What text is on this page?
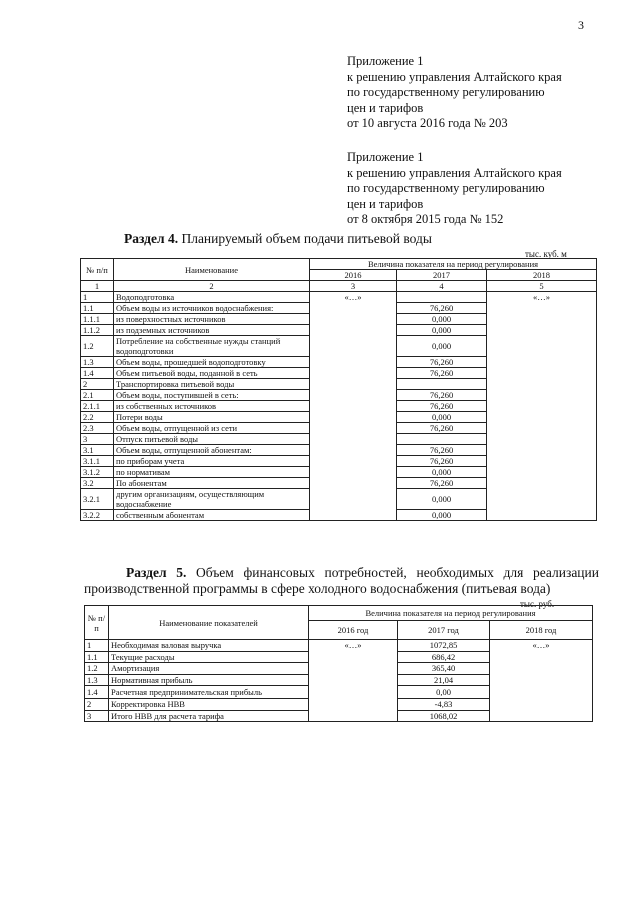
3
Приложение 1
к решению управления Алтайского края
по государственному регулированию
цен и тарифов
от 10 августа 2016 года № 203
Приложение 1
к решению управления Алтайского края
по государственному регулированию
цен и тарифов
от 8 октября 2015 года № 152
Раздел 4. Планируемый объем подачи питьевой воды
тыс. куб. м
№ п/п	Наименование	Величина показателя на период регулирования		
		2016	2017	2018
1	2	3	4	5
1	Водоподготовка	«…»		«…»
1.1	Объем воды из источников водоснабжения:		76,260	
1.1.1	из поверхностных источников		0,000	
1.1.2	из подземных источников		0,000	
1.2	Потребление на собственные нужды станций водоподготовки		0,000	
1.3	Объем воды, прошедшей водоподготовку		76,260	
1.4	Объем питьевой воды, поданной в сеть		76,260	
2	Транспортировка питьевой воды			
2.1	Объем воды, поступившей в сеть:		76,260	
2.1.1	из собственных источников		76,260	
2.2	Потери воды		0,000	
2.3	Объем воды, отпущенной из сети		76,260	
3	Отпуск питьевой воды			
3.1	Объем воды, отпущенной абонентам:		76,260	
3.1.1	по приборам учета		76,260	
3.1.2	по нормативам		0,000	
3.2	По абонентам		76,260	
3.2.1	другим организациям, осуществляющим водоснабжение		0,000	
3.2.2	собственным абонентам		0,000	
Раздел 5. Объем финансовых потребностей, необходимых для реализации производственной программы в сфере холодного водоснабжения (питьевая вода)
тыс. руб.
№ п/п	Наименование показателей	Величина показателя на период регулирования		
		2016 год	2017 год	2018 год
1	Необходимая валовая выручка	«…»	1072,85	«…»
1.1	Текущие расходы		686,42	
1.2	Амортизация		365,40	
1.3	Нормативная прибыль		21,04	
1.4	Расчетная предпринимательская прибыль		0,00	
2	Корректировка НВВ		-4,83	
3	Итого НВВ для расчета тарифа		1068,02	
